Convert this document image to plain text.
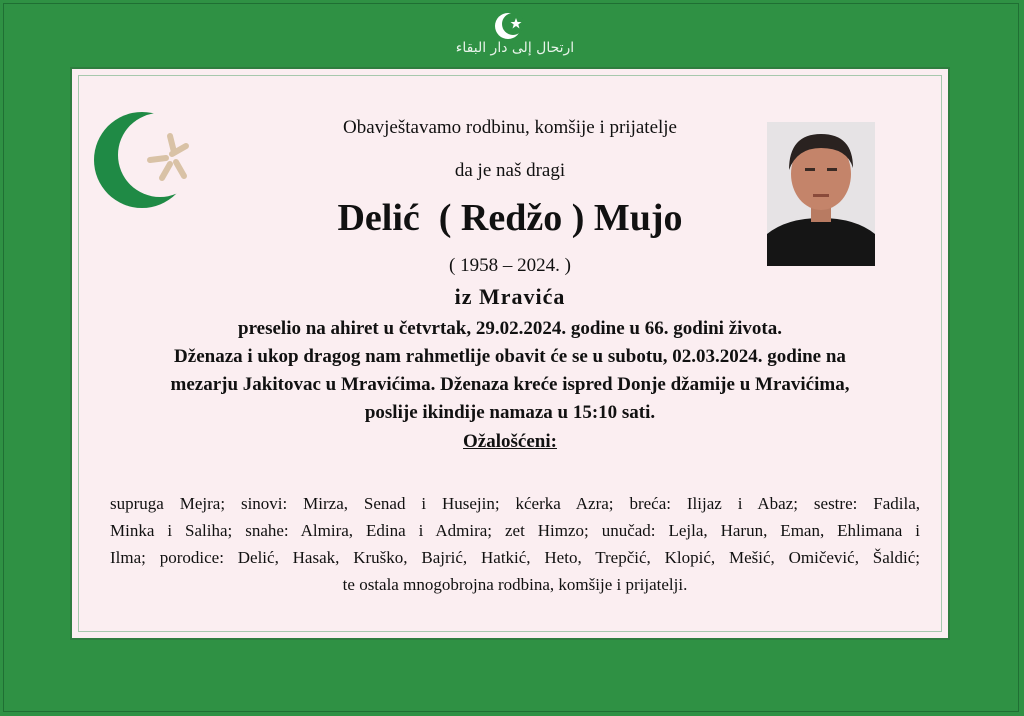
ارتحال إلى دار البقاء
Obavještavamo rodbinu, komšije i prijatelje
da je naš dragi
Delić  ( Redžo ) Mujo
( 1958 – 2024. )
iz Mravića
preselio na ahiret u četvrtak, 29.02.2024. godine u 66. godini života.
Dženaza i ukop dragog nam rahmetlije obavit će se u subotu, 02.03.2024. godine na
mezarju Jakitovac u Mravićima. Dženaza kreće ispred Donje džamije u Mravićima,
poslije ikindije namaza u 15:10 sati.
Ožalošćeni:
supruga Mejra; sinovi: Mirza, Senad i Husejin; kćerka Azra; breća: Ilijaz i Abaz; sestre: Fadila,
Minka i Saliha; snahe: Almira, Edina i Admira; zet Himzo; unučad: Lejla, Harun, Eman, Ehlimana i
Ilma; porodice: Delić, Hasak, Kruško, Bajrić, Hatkić, Heto, Trepčić, Klopić, Mešić, Omičević, Šaldić;
te ostala mnogobrojna rodbina, komšije i prijatelji.
